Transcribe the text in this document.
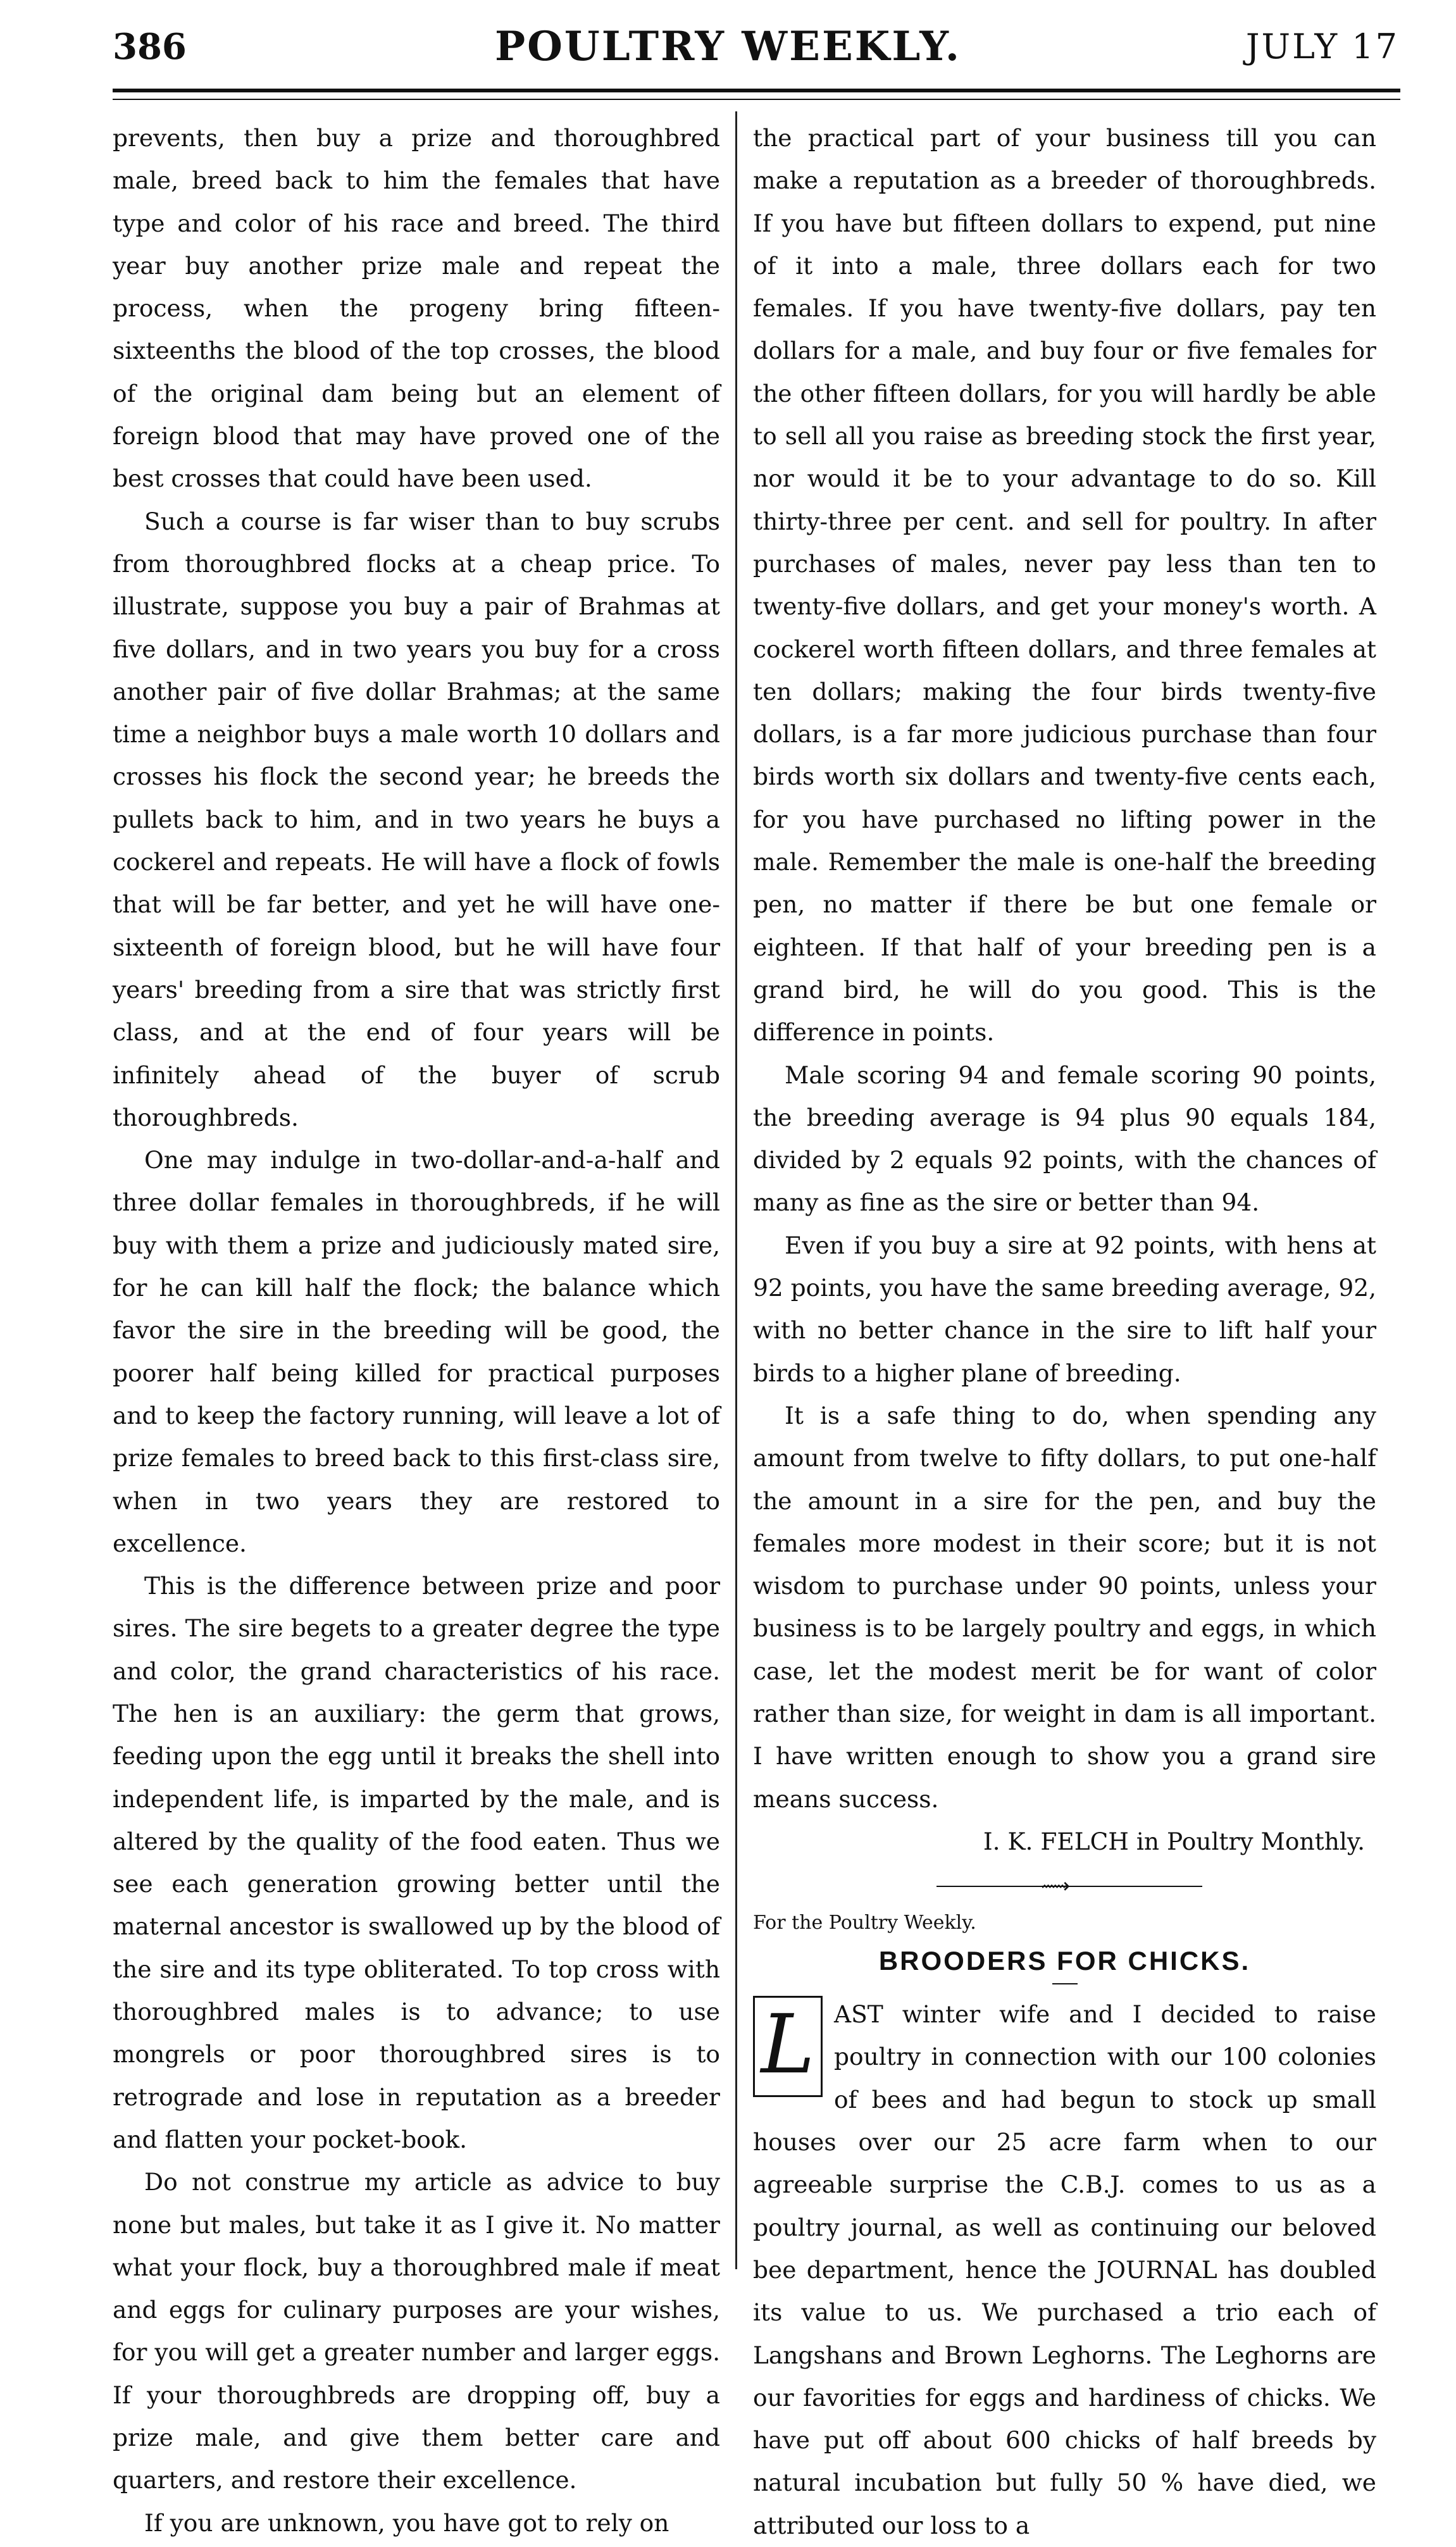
386	POULTRY WEEKLY.	JULY 17

prevents, then buy a prize and thoroughbred male, breed back to him the females that have type and color of his race and breed. The third year buy another prize male and repeat the process, when the progeny bring fifteen-sixteenths the blood of the top crosses, the blood of the original dam being but an element of foreign blood that may have proved one of the best crosses that could have been used.

Such a course is far wiser than to buy scrubs from thoroughbred flocks at a cheap price. To illustrate, suppose you buy a pair of Brahmas at five dollars, and in two years you buy for a cross another pair of five dollar Brahmas; at the same time a neighbor buys a male worth 10 dollars and crosses his flock the second year; he breeds the pullets back to him, and in two years he buys a cockerel and repeats. He will have a flock of fowls that will be far better, and yet he will have one-sixteenth of foreign blood, but he will have four years' breeding from a sire that was strictly first class, and at the end of four years will be infinitely ahead of the buyer of scrub thoroughbreds.

One may indulge in two-dollar-and-a-half and three dollar females in thoroughbreds, if he will buy with them a prize and judiciously mated sire, for he can kill half the flock; the balance which favor the sire in the breeding will be good, the poorer half being killed for practical purposes and to keep the factory running, will leave a lot of prize females to breed back to this first-class sire, when in two years they are restored to excellence.

This is the difference between prize and poor sires. The sire begets to a greater degree the type and color, the grand characteristics of his race. The hen is an auxiliary: the germ that grows, feeding upon the egg until it breaks the shell into independent life, is imparted by the male, and is altered by the quality of the food eaten. Thus we see each generation growing better until the maternal ancestor is swallowed up by the blood of the sire and its type obliterated. To top cross with thoroughbred males is to advance; to use mongrels or poor thoroughbred sires is to retrograde and lose in reputation as a breeder and flatten your pocket-book.

Do not construe my article as advice to buy none but males, but take it as I give it. No matter what your flock, buy a thoroughbred male if meat and eggs for culinary purposes are your wishes, for you will get a greater number and larger eggs. If your thoroughbreds are dropping off, buy a prize male, and give them better care and quarters, and restore their excellence.

If you are unknown, you have got to rely on

the practical part of your business till you can make a reputation as a breeder of thoroughbreds. If you have but fifteen dollars to expend, put nine of it into a male, three dollars each for two females. If you have twenty-five dollars, pay ten dollars for a male, and buy four or five females for the other fifteen dollars, for you will hardly be able to sell all you raise as breeding stock the first year, nor would it be to your advantage to do so. Kill thirty-three per cent. and sell for poultry. In after purchases of males, never pay less than ten to twenty-five dollars, and get your money's worth. A cockerel worth fifteen dollars, and three females at ten dollars; making the four birds twenty-five dollars, is a far more judicious purchase than four birds worth six dollars and twenty-five cents each, for you have purchased no lifting power in the male. Remember the male is one-half the breeding pen, no matter if there be but one female or eighteen. If that half of your breeding pen is a grand bird, he will do you good. This is the difference in points.

Male scoring 94 and female scoring 90 points, the breeding average is 94 plus 90 equals 184, divided by 2 equals 92 points, with the chances of many as fine as the sire or better than 94.

Even if you buy a sire at 92 points, with hens at 92 points, you have the same breeding average, 92, with no better chance in the sire to lift half your birds to a higher plane of breeding.

It is a safe thing to do, when spending any amount from twelve to fifty dollars, to put one-half the amount in a sire for the pen, and buy the females more modest in their score; but it is not wisdom to purchase under 90 points, unless your business is to be largely poultry and eggs, in which case, let the modest merit be for want of color rather than size, for weight in dam is all important. I have written enough to show you a grand sire means success.

I. K. FELCH in Poultry Monthly.

⟿

For the Poultry Weekly.

BROODERS FOR CHICKS.
L AST winter wife and I decided to raise poultry in connection with our 100 colonies of bees and had begun to stock up small houses over our 25 acre farm when to our agreeable surprise the C.B.J. comes to us as a poultry journal, as well as continuing our beloved bee department, hence the JOURNAL has doubled its value to us. We purchased a trio each of Langshans and Brown Leghorns. The Leghorns are our favorities for eggs and hardiness of chicks. We have put off about 600 chicks of half breeds by natural incubation but fully 50 % have died, we attributed our loss to a
